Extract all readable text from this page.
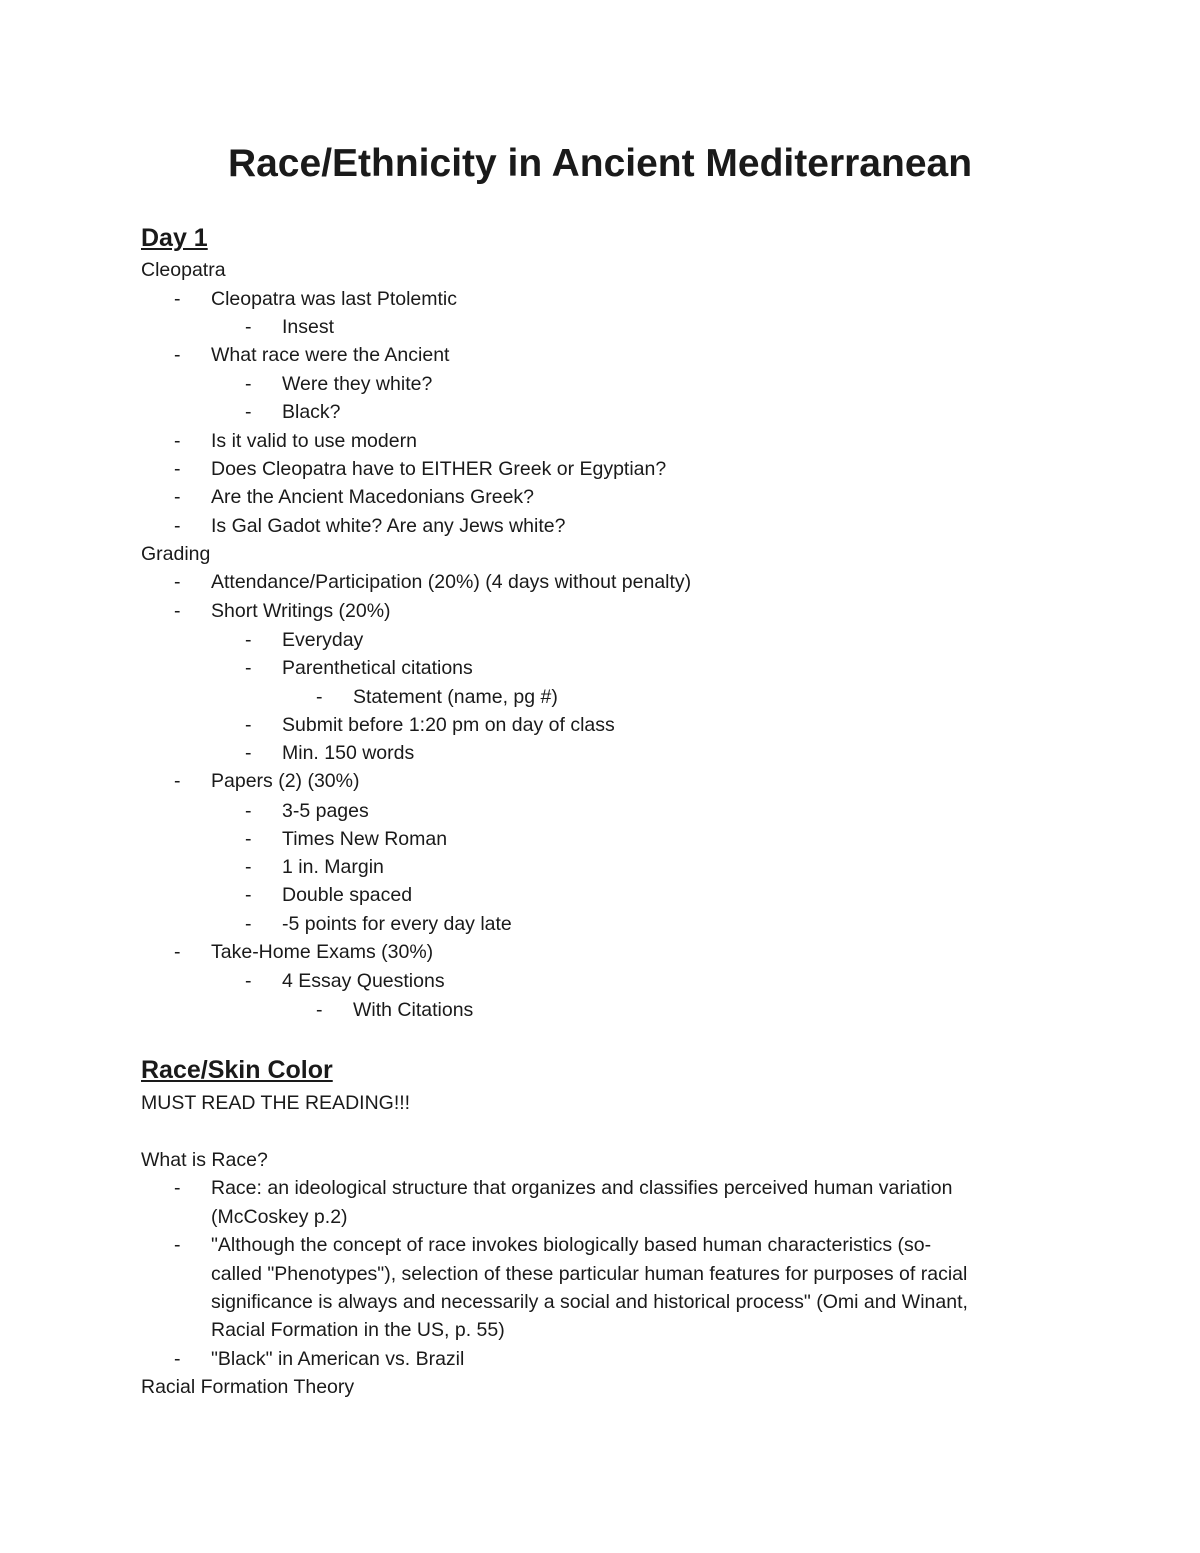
Race/Ethnicity in Ancient Mediterranean
Day 1

Cleopatra

- Cleopatra was last Ptolemtic

- Insest

- What race were the Ancient

- Were they white?

- Black?

- Is it valid to use modern

- Does Cleopatra have to EITHER Greek or Egyptian?

- Are the Ancient Macedonians Greek?

- Is Gal Gadot white? Are any Jews white?

Grading

- Attendance/Participation (20%) (4 days without penalty)

- Short Writings (20%)

- Everyday

- Parenthetical citations

- Statement (name, pg #)

- Submit before 1:20 pm on day of class

- Min. 150 words

- Papers (2) (30%)

- 3-5 pages

- Times New Roman

- 1 in. Margin

- Double spaced

- -5 points for every day late

- Take-Home Exams (30%)

- 4 Essay Questions

- With Citations

Race/Skin Color

MUST READ THE READING!!!

What is Race?

- Race: an ideological structure that organizes and classifies perceived human variation

(McCoskey p.2)

- "Although the concept of race invokes biologically based human characteristics (so-

called "Phenotypes"), selection of these particular human features for purposes of racial

significance is always and necessarily a social and historical process" (Omi and Winant,

Racial Formation in the US, p. 55)

- "Black" in American vs. Brazil

Racial Formation Theory
